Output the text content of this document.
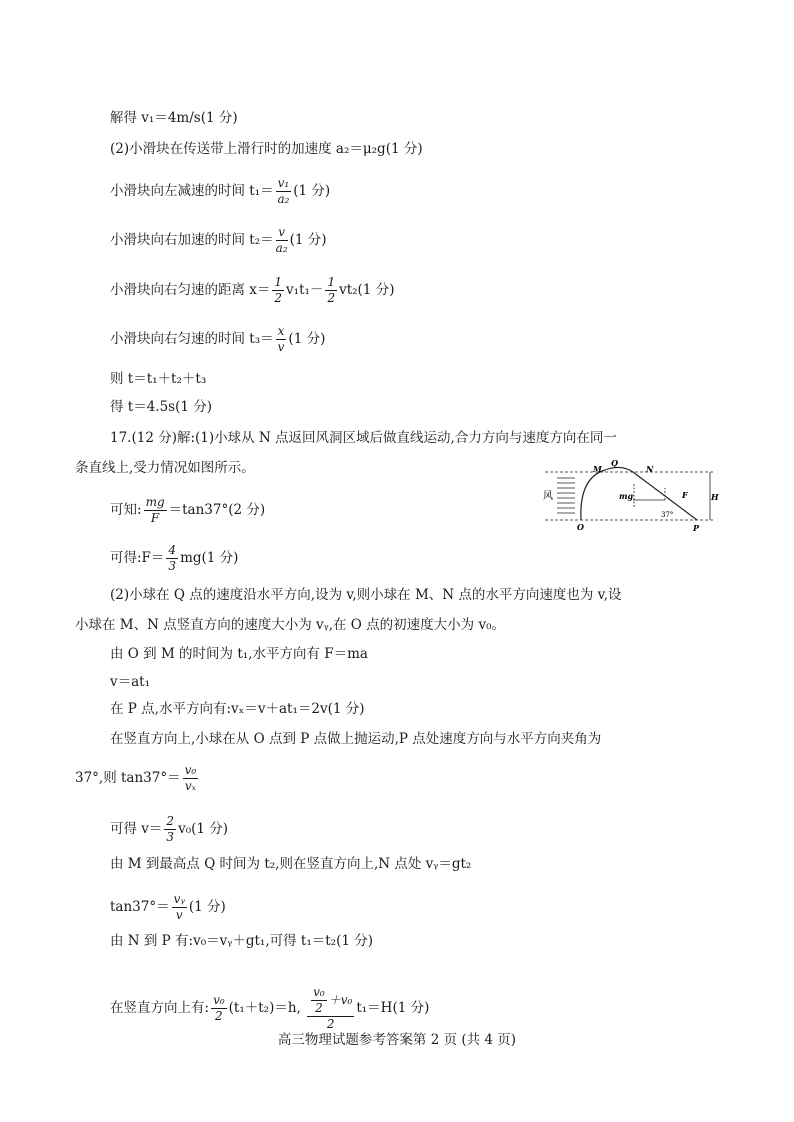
解得 v₁＝4m/s(1 分)
(2)小滑块在传送带上滑行时的加速度 a₂＝μ₂g(1 分)
小滑块向左减速的时间 $t_1= \frac{\text{v₁}}{\text{a₂}} (1$ 分)
小滑块向右加速的时间 $t_2= \frac{v}{\text{a₂}} (1$ 分)
小滑块向右匀速的距离 $x= \frac{1}{2} v_1t_1- \frac{1}{2} vt_2(1$ 分)
小滑块向右匀速的时间 $t_3= \frac{x}{v} (1$ 分)
则 t＝t₁＋t₂＋t₃
得 t＝4.5s(1 分)
17.(12 分)解:(1)小球从 N 点返回风洞区域后做直线运动,合力方向与速度方向在同一
条直线上,受力情况如图所示。
可知: $\frac{mg}{F} =\tan 37^\circ(2$ 分)
可得:F＝ $\frac{4}{3} mg(1$ 分)
(2)小球在 Q 点的速度沿水平方向,设为 v,则小球在 M、N 点的水平方向速度也为 v,设
小球在 M、N 点竖直方向的速度大小为 vᵧ,在 O 点的初速度大小为 v₀。
由 O 到 M 的时间为 t₁,水平方向有 F＝ma
v＝at₁
在 P 点,水平方向有:vₓ＝v＋at₁＝2v(1 分)
在竖直方向上,小球在从 O 点到 P 点做上抛运动,P 点处速度方向与水平方向夹角为
37°,则 $\tan 37^\circ= \frac{\text{v₀}}{\text{vₓ}}$
可得 $v= \frac{2}{3} v_0(1$ 分)
由 M 到最高点 Q 时间为 t₂,则在竖直方向上,N 点处 vᵧ＝gt₂
$\tan 37^\circ= \frac{\text{vᵧ}}{v} (1$ 分)
由 N 到 P 有:v₀＝vᵧ＋gt₁,可得 t₁＝t₂(1 分)
在竖直方向上有: $\frac{\text{v₀}}{2} (t_1+t_2)=h$, $\frac{\frac{\text{v₀}}{2} +v_0}{2} t_1=H(1$ 分)
风
M
Q
N
O	P
mg	F	H
37°
高三物理试题参考答案第 2 页 (共 4 页)
